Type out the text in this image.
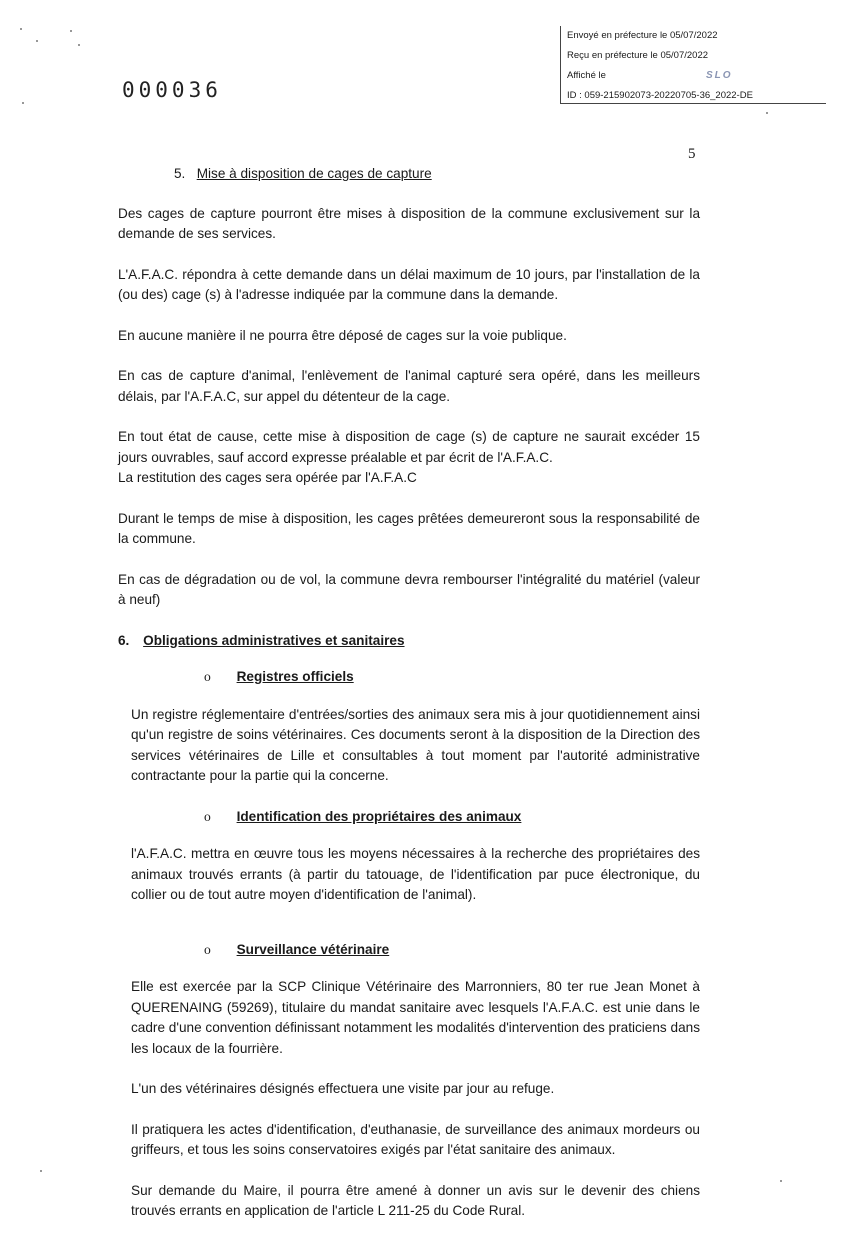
Envoyé en préfecture le 05/07/2022
Reçu en préfecture le 05/07/2022
Affiché le
ID : 059-215902073-20220705-36_2022-DE
SLO
000036
5
5. Mise à disposition de cages de capture

Des cages de capture pourront être mises à disposition de la commune exclusivement sur la demande de ses services.

L'A.F.A.C. répondra à cette demande dans un délai maximum de 10 jours, par l'installation de la (ou des) cage (s) à l'adresse indiquée par la commune dans la demande.

En aucune manière il ne pourra être déposé de cages sur la voie publique.

En cas de capture d'animal, l'enlèvement de l'animal capturé sera opéré, dans les meilleurs délais, par l'A.F.A.C, sur appel du détenteur de la cage.

En tout état de cause, cette mise à disposition de cage (s) de capture ne saurait excéder 15 jours ouvrables, sauf accord expresse préalable et par écrit de l'A.F.A.C.

La restitution des cages sera opérée par l'A.F.A.C

Durant le temps de mise à disposition, les cages prêtées demeureront sous la responsabilité de la commune.

En cas de dégradation ou de vol, la commune devra rembourser l'intégralité du matériel (valeur à neuf)

6. Obligations administratives et sanitaires
o Registres officiels

Un registre réglementaire d'entrées/sorties des animaux sera mis à jour quotidiennement ainsi qu'un registre de soins vétérinaires. Ces documents seront à la disposition de la Direction des services vétérinaires de Lille et consultables à tout moment par l'autorité administrative contractante pour la partie qui la concerne.

o Identification des propriétaires des animaux

l'A.F.A.C. mettra en œuvre tous les moyens nécessaires à la recherche des propriétaires des animaux trouvés errants (à partir du tatouage, de l'identification par puce électronique, du collier ou de tout autre moyen d'identification de l'animal).

o Surveillance vétérinaire

Elle est exercée par la SCP Clinique Vétérinaire des Marronniers, 80 ter rue Jean Monet à QUERENAING (59269), titulaire du mandat sanitaire avec lesquels l'A.F.A.C. est unie dans le cadre d'une convention définissant notamment les modalités d'intervention des praticiens dans les locaux de la fourrière.

L'un des vétérinaires désignés effectuera une visite par jour au refuge.

Il pratiquera les actes d'identification, d'euthanasie, de surveillance des animaux mordeurs ou griffeurs, et tous les soins conservatoires exigés par l'état sanitaire des animaux.

Sur demande du Maire, il pourra être amené à donner un avis sur le devenir des chiens trouvés errants en application de l'article L 211-25 du Code Rural.
